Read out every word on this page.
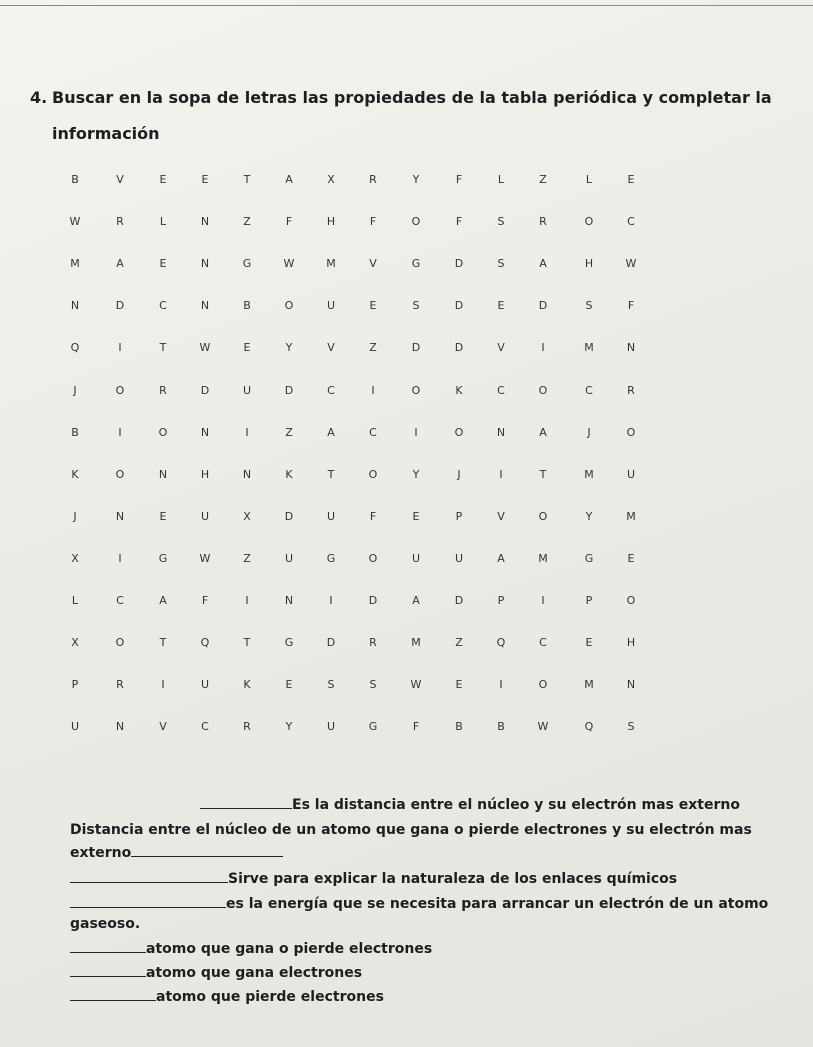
4. Buscar en la sopa de letras las propiedades de la tabla periódica y completar la
información
B	V	E	E	T	A	X	R	Y	F	L	Z	L	E
W	R	L	N	Z	F	H	F	O	F	S	R	O	C
M	A	E	N	G	W	M	V	G	D	S	A	H	W
N	D	C	N	B	O	U	E	S	D	E	D	S	F
Q	I	T	W	E	Y	V	Z	D	D	V	I	M	N
J	O	R	D	U	D	C	I	O	K	C	O	C	R
B	I	O	N	I	Z	A	C	I	O	N	A	J	O
K	O	N	H	N	K	T	O	Y	J	I	T	M	U
J	N	E	U	X	D	U	F	E	P	V	O	Y	M
X	I	G	W	Z	U	G	O	U	U	A	M	G	E
L	C	A	F	I	N	I	D	A	D	P	I	P	O
X	O	T	Q	T	G	D	R	M	Z	Q	C	E	H
P	R	I	U	K	E	S	S	W	E	I	O	M	N
U	N	V	C	R	Y	U	G	F	B	B	W	Q	S
Es la distancia entre el núcleo y su electrón mas externo
Distancia entre el núcleo de un atomo que gana o pierde electrones y su electrón mas
externo
Sirve para explicar la naturaleza de los enlaces químicos
es la energía que se necesita para arrancar un electrón de un atomo
gaseoso.
atomo que gana o pierde electrones
atomo que gana electrones
atomo que pierde electrones
